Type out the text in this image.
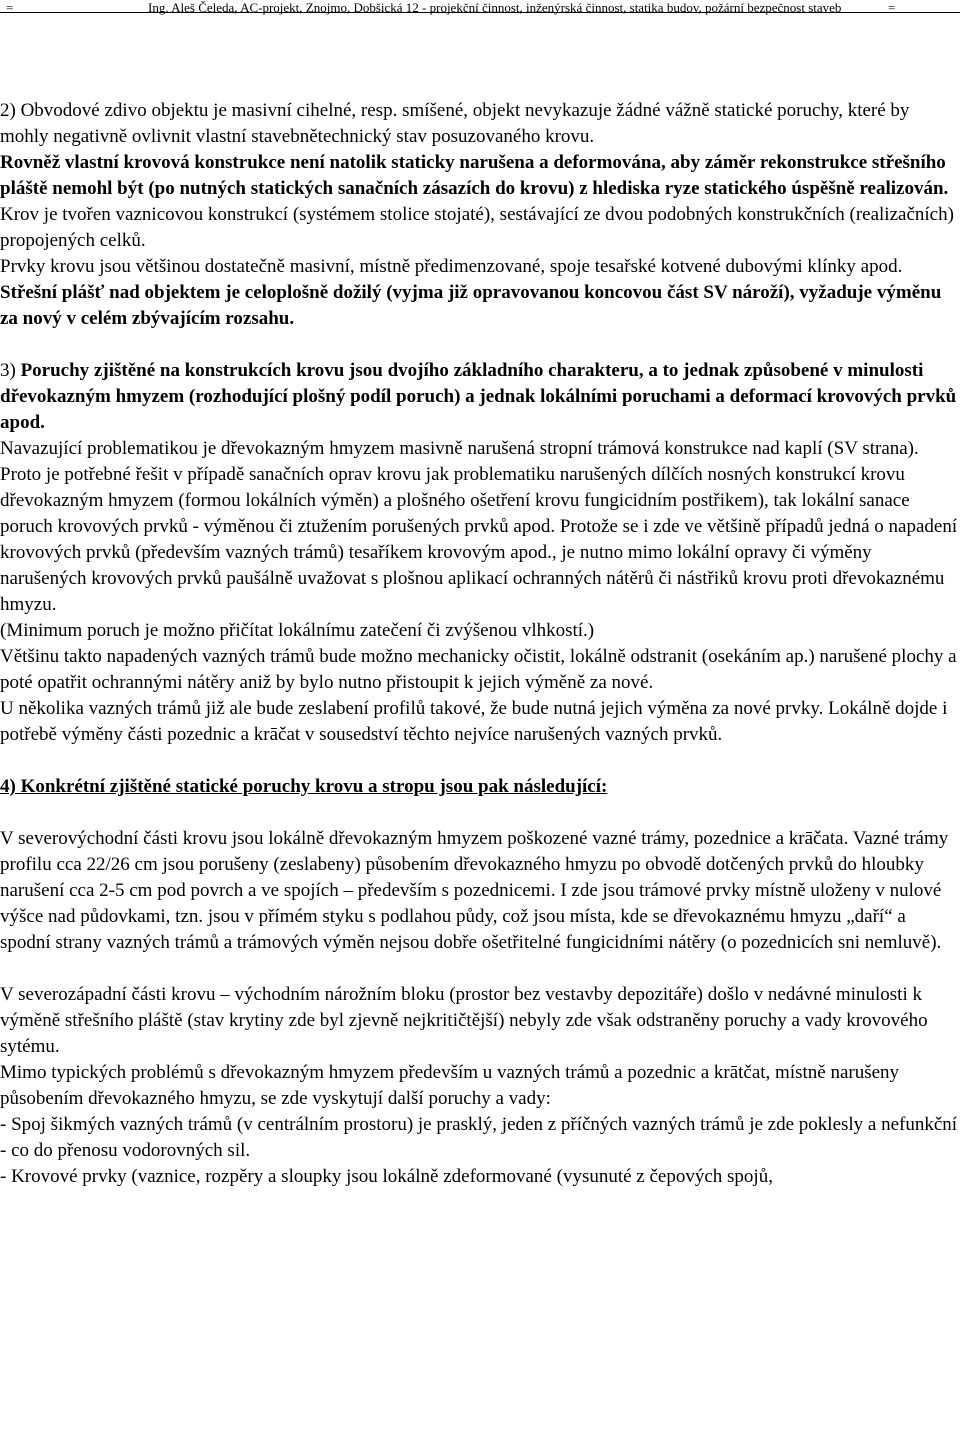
=	Ing. Aleš Čeleda, AC-projekt, Znojmo, Dobšická 12 - projekční činnost, inženýrská činnost, statika budov, požární bezpečnost staveb	=

2) Obvodové zdivo objektu je masivní cihelné, resp. smíšené, objekt nevykazuje žádné vážně statické poruchy, které by mohly negativně ovlivnit vlastní stavebnětechnický stav posuzovaného krovu.

Rovněž vlastní krovová konstrukce není natolik staticky narušena a deformována, aby záměr rekonstrukce střešního pláště nemohl být (po nutných statických sanačních zásazích do krovu) z hlediska ryze statického úspěšně realizován. Krov je tvořen vaznicovou konstrukcí (systémem stolice stojaté), sestávající ze dvou podobných konstrukčních (realizačních) propojených celků.

Prvky krovu jsou většinou dostatečně masivní, místně předimenzované, spoje tesařské kotvené dubovými klínky apod.

Střešní plášť nad objektem je celoplošně dožilý (vyjma již opravovanou koncovou část SV nároží), vyžaduje výměnu za nový v celém zbývajícím rozsahu.

3) Poruchy zjištěné na konstrukcích krovu jsou dvojího základního charakteru, a to jednak způsobené v minulosti dřevokazným hmyzem (rozhodující plošný podíl poruch) a jednak lokálními poruchami a deformací krovových prvků apod.

Navazující problematikou je dřevokazným hmyzem masivně narušená stropní trámová konstrukce nad kaplí (SV strana).

Proto je potřebné řešit v případě sanačních oprav krovu jak problematiku narušených dílčích nosných konstrukcí krovu dřevokazným hmyzem (formou lokálních výměn) a plošného ošetření krovu fungicidním postřikem), tak lokální sanace poruch krovových prvků - výměnou či ztužením porušených prvků apod. Protože se i zde ve většině případů jedná o napadení krovových prvků (především vazných trámů) tesaříkem krovovým apod., je nutno mimo lokální opravy či výměny narušených krovových prvků paušálně uvažovat s plošnou aplikací ochranných nátěrů či nástřiků krovu proti dřevokaznému hmyzu.

(Minimum poruch je možno přičítat lokálnímu zatečení či zvýšenou vlhkostí.)

Většinu takto napadených vazných trámů bude možno mechanicky očistit, lokálně odstranit (osekáním ap.) narušené plochy a poté opatřit ochrannými nátěry aniž by bylo nutno přistoupit k jejich výměně za nové.

U několika vazných trámů již ale bude zeslabení profilů takové, že bude nutná jejich výměna za nové prvky. Lokálně dojde i potřebě výměny části pozednic a krāčat v sousedství těchto nejvíce narušených vazných prvků.

4) Konkrétní zjištěné statické poruchy krovu a stropu jsou pak následující:

V severovýchodní části krovu jsou lokálně dřevokazným hmyzem poškozené vazné trámy, pozednice a krāčata. Vazné trámy profilu cca 22/26 cm jsou porušeny (zeslabeny) působením dřevokazného hmyzu po obvodě dotčených prvků do hloubky narušení cca 2-5 cm pod povrch a ve spojích – především s pozednicemi. I zde jsou trámové prvky místně uloženy v nulové výšce nad půdovkami, tzn. jsou v přímém styku s podlahou půdy, což jsou místa, kde se dřevokaznému hmyzu „daří“ a spodní strany vazných trámů a trámových výměn nejsou dobře ošetřitelné fungicidními nátěry (o pozednicích sni nemluvě).

V severozápadní části krovu – východním nárožním bloku (prostor bez vestavby depozitáře) došlo v nedávné minulosti k výměně střešního pláště (stav krytiny zde byl zjevně nejkritičtější) nebyly zde však odstraněny poruchy a vady krovového sytému.

Mimo typických problémů s dřevokazným hmyzem především u vazných trámů a pozednic a krātčat, místně narušeny působením dřevokazného hmyzu, se zde vyskytují další poruchy a vady:

- Spoj šikmých vazných trámů (v centrálním prostoru) je prasklý, jeden z příčných vazných trámů je zde poklesly a nefunkční - co do přenosu vodorovných sil.

- Krovové prvky (vaznice, rozpěry a sloupky jsou lokálně zdeformované (vysunuté z čepových spojů,
